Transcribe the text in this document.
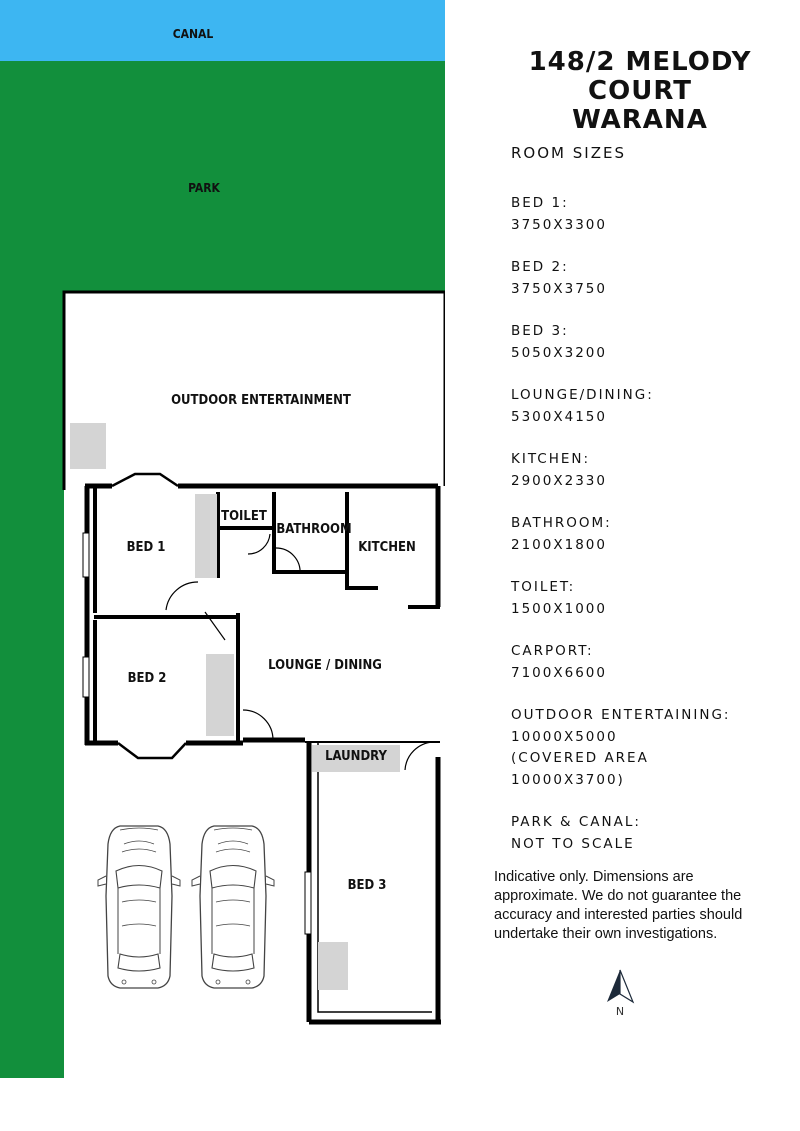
CANAL
PARK
OUTDOOR ENTERTAINMENT
BED 1
TOILET
BATHROOM
KITCHEN
BED 2
LOUNGE / DINING
LAUNDRY
BED 3
148/2 MELODY COURT
WARANA
ROOM SIZES
BED 1:
3750X3300
BED 2:
3750X3750
BED 3:
5050X3200
LOUNGE/DINING:
5300X4150
KITCHEN:
2900X2330
BATHROOM:
2100X1800
TOILET:
1500X1000
CARPORT:
7100X6600
OUTDOOR ENTERTAINING:
10000X5000
(COVERED AREA
10000X3700)
PARK & CANAL:
NOT TO SCALE
Indicative only. Dimensions are approximate. We do not guarantee the accuracy and interested parties should undertake their own investigations.
N
